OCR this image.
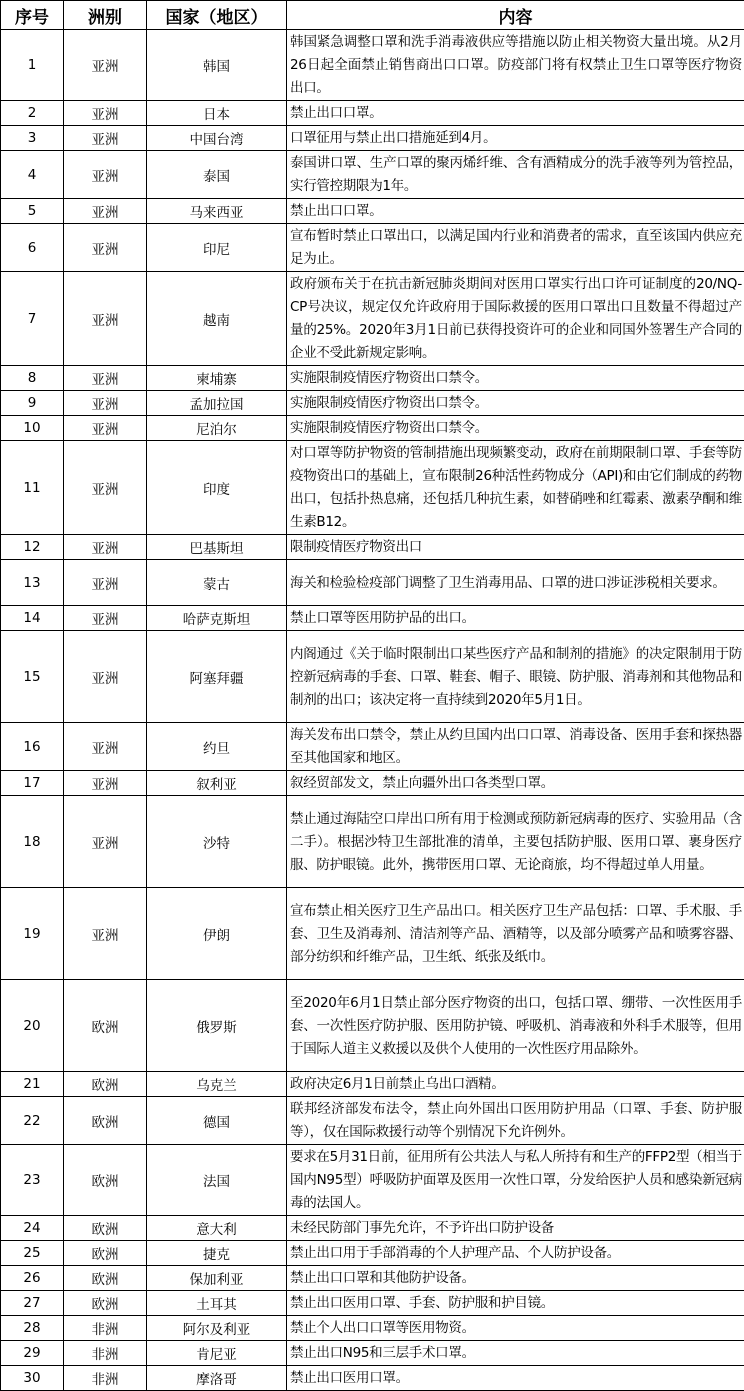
序号	洲别	国家（地区）	内容
1	亚洲	韩国	韩国紧急调整口罩和洗手消毒液供应等措施以防止相关物资大量出境。从2月26日起全面禁止销售商出口口罩。防疫部门将有权禁止卫生口罩等医疗物资出口。
2	亚洲	日本	禁止出口口罩。
3	亚洲	中国台湾	口罩征用与禁止出口措施延到4月。
4	亚洲	泰国	泰国讲口罩、生产口罩的聚丙烯纤维、含有酒精成分的洗手液等列为管控品，实行管控期限为1年。
5	亚洲	马来西亚	禁止出口口罩。
6	亚洲	印尼	宣布暂时禁止口罩出口，以满足国内行业和消费者的需求，直至该国内供应充足为止。
7	亚洲	越南	政府颁布关于在抗击新冠肺炎期间对医用口罩实行出口许可证制度的20/NQ-CP号决议，规定仅允许政府用于国际救援的医用口罩出口且数量不得超过产量的25%。2020年3月1日前已获得投资许可的企业和同国外签署生产合同的企业不受此新规定影响。
8	亚洲	柬埔寨	实施限制疫情医疗物资出口禁令。
9	亚洲	孟加拉国	实施限制疫情医疗物资出口禁令。
10	亚洲	尼泊尔	实施限制疫情医疗物资出口禁令。
11	亚洲	印度	对口罩等防护物资的管制措施出现频繁变动，政府在前期限制口罩、手套等防疫物资出口的基础上，宣布限制26种活性药物成分（API)和由它们制成的药物出口，包括扑热息痛，还包括几种抗生素，如替硝唑和红霉素、激素孕酮和维生素B12。
12	亚洲	巴基斯坦	限制疫情医疗物资出口
13	亚洲	蒙古	海关和检验检疫部门调整了卫生消毒用品、口罩的进口涉证涉税相关要求。
14	亚洲	哈萨克斯坦	禁止口罩等医用防护品的出口。
15	亚洲	阿塞拜疆	内阁通过《关于临时限制出口某些医疗产品和制剂的措施》的决定限制用于防控新冠病毒的手套、口罩、鞋套、帽子、眼镜、防护服、消毒剂和其他物品和制剂的出口；该决定将一直持续到2020年5月1日。
16	亚洲	约旦	海关发布出口禁令，禁止从约旦国内出口口罩、消毒设备、医用手套和探热器至其他国家和地区。
17	亚洲	叙利亚	叙经贸部发文，禁止向疆外出口各类型口罩。
18	亚洲	沙特	禁止通过海陆空口岸出口所有用于检测或预防新冠病毒的医疗、实验用品（含二手）。根据沙特卫生部批准的清单，主要包括防护服、医用口罩、裹身医疗服、防护眼镜。此外，携带医用口罩、无论商旅，均不得超过单人用量。
19	亚洲	伊朗	宣布禁止相关医疗卫生产品出口。相关医疗卫生产品包括：口罩、手术服、手套、卫生及消毒剂、清洁剂等产品、酒精等，以及部分喷雾产品和喷雾容器、部分纺织和纤维产品，卫生纸、纸张及纸巾。
20	欧洲	俄罗斯	至2020年6月1日禁止部分医疗物资的出口，包括口罩、绷带、一次性医用手套、一次性医疗防护服、医用防护镜、呼吸机、消毒液和外科手术服等，但用于国际人道主义救援以及供个人使用的一次性医疗用品除外。
21	欧洲	乌克兰	政府决定6月1日前禁止乌出口酒精。
22	欧洲	德国	联邦经济部发布法令，禁止向外国出口医用防护用品（口罩、手套、防护服等），仅在国际救援行动等个别情况下允许例外。
23	欧洲	法国	要求在5月31日前，征用所有公共法人与私人所持有和生产的FFP2型（相当于国内N95型）呼吸防护面罩及医用一次性口罩，分发给医护人员和感染新冠病毒的法国人。
24	欧洲	意大利	未经民防部门事先允许，不予许出口防护设备
25	欧洲	捷克	禁止出口用于手部消毒的个人护理产品、个人防护设备。
26	欧洲	保加利亚	禁止出口口罩和其他防护设备。
27	欧洲	土耳其	禁止出口医用口罩、手套、防护服和护目镜。
28	非洲	阿尔及利亚	禁止个人出口口罩等医用物资。
29	非洲	肯尼亚	禁止出口N95和三层手术口罩。
30	非洲	摩洛哥	禁止出口医用口罩。
